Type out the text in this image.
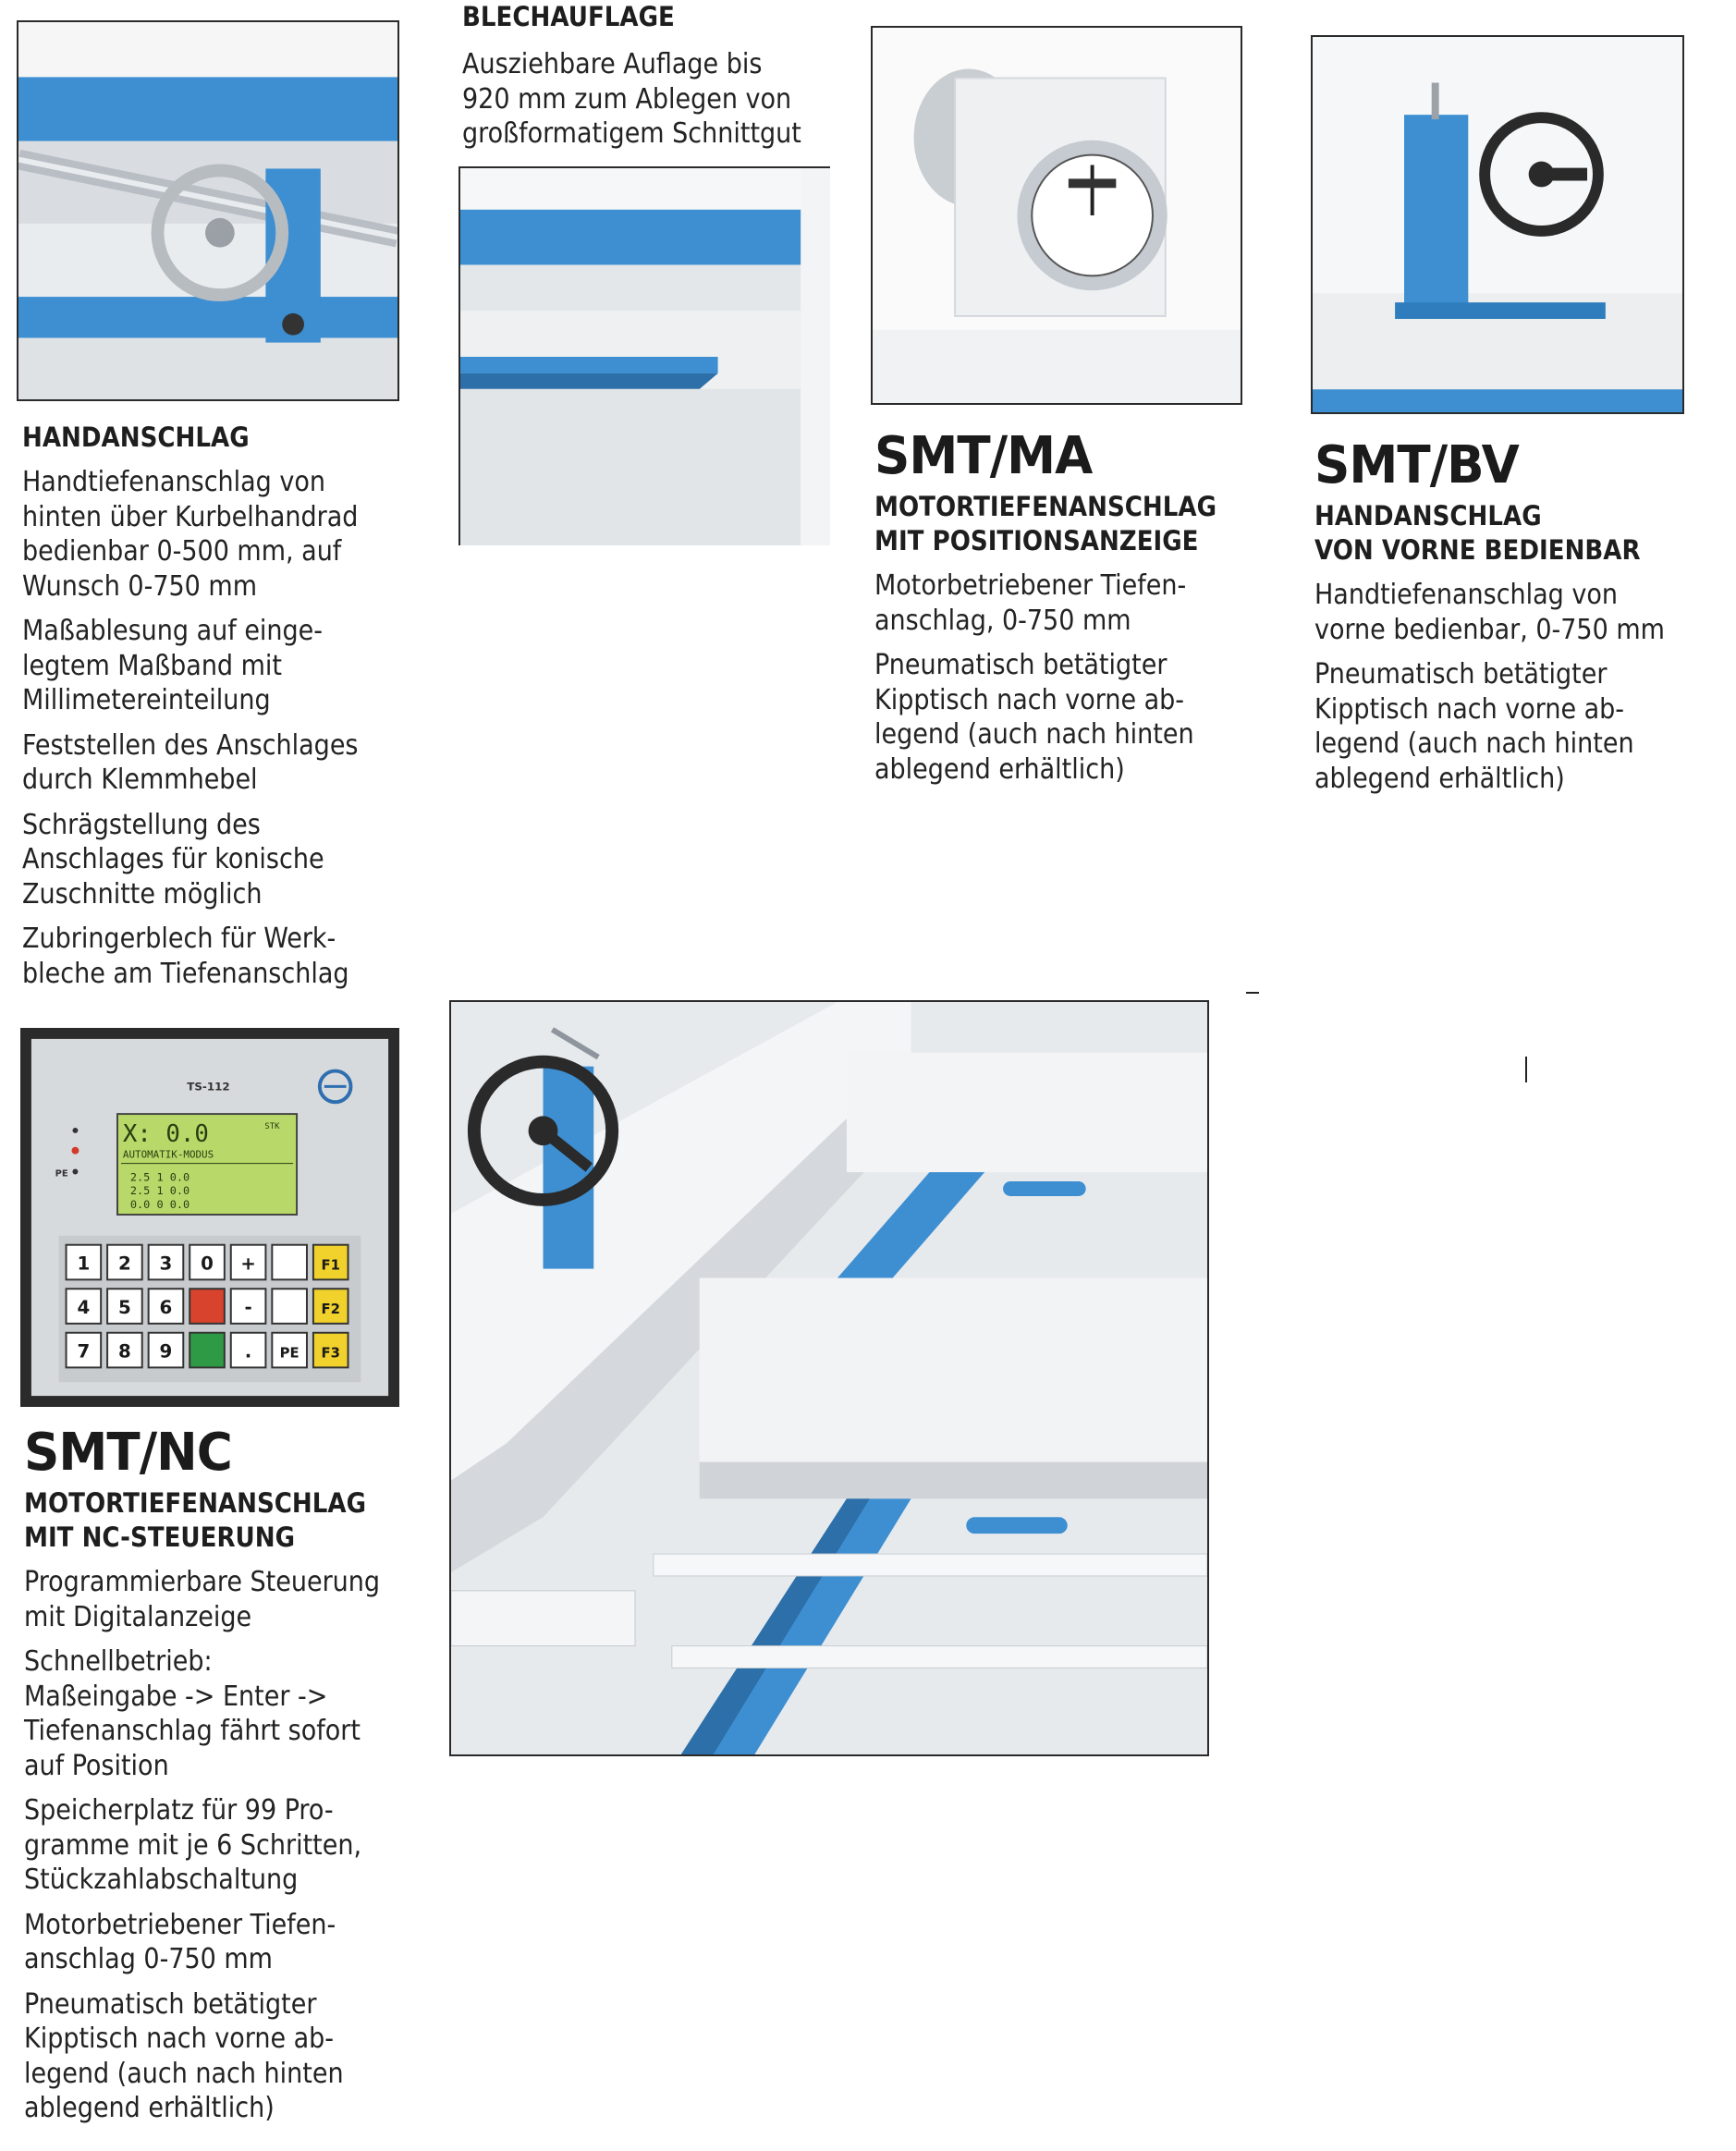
HANDANSCHLAG

Handtiefenanschlag von
hinten über Kurbelhandrad
bedienbar 0-500 mm, auf
Wunsch 0-750 mm

Maßablesung auf einge-
legtem Maßband mit
Millimetereinteilung

Feststellen des Anschlages
durch Klemmhebel

Schrägstellung des
Anschlages für konische
Zuschnitte möglich

Zubringerblech für Werk-
bleche am Tiefenanschlag

BLECHAUFLAGE

Ausziehbare Auflage bis
920 mm zum Ablegen von
großformatigem Schnittgut

SMT/MA

MOTORTIEFENANSCHLAG

MIT POSITIONSANZEIGE

Motorbetriebener Tiefen-
anschlag, 0-750 mm

Pneumatisch betätigter
Kipptisch nach vorne ab-
legend (auch nach hinten
ablegend erhältlich)

SMT/BV

HANDANSCHLAG

VON VORNE BEDIENBAR

Handtiefenanschlag von
vorne bedienbar, 0-750 mm

Pneumatisch betätigter
Kipptisch nach vorne ab-
legend (auch nach hinten
ablegend erhältlich)

TS-112
PE
X: 0.0	STK
AUTOMATIK-MODUS
2.5 1 0.0
2.5 1 0.0
0.0 0 0.0
1 2 3 0 +	F1
4 5 6	-	F2
7 8 9	. PE F3

SMT/NC

MOTORTIEFENANSCHLAG

MIT NC-STEUERUNG

Programmierbare Steuerung
mit Digitalanzeige

Schnellbetrieb:
Maßeingabe -> Enter ->
Tiefenanschlag fährt sofort
auf Position

Speicherplatz für 99 Pro-
gramme mit je 6 Schritten,
Stückzahlabschaltung

Motorbetriebener Tiefen-
anschlag 0-750 mm

Pneumatisch betätigter
Kipptisch nach vorne ab-
legend (auch nach hinten
ablegend erhältlich)
